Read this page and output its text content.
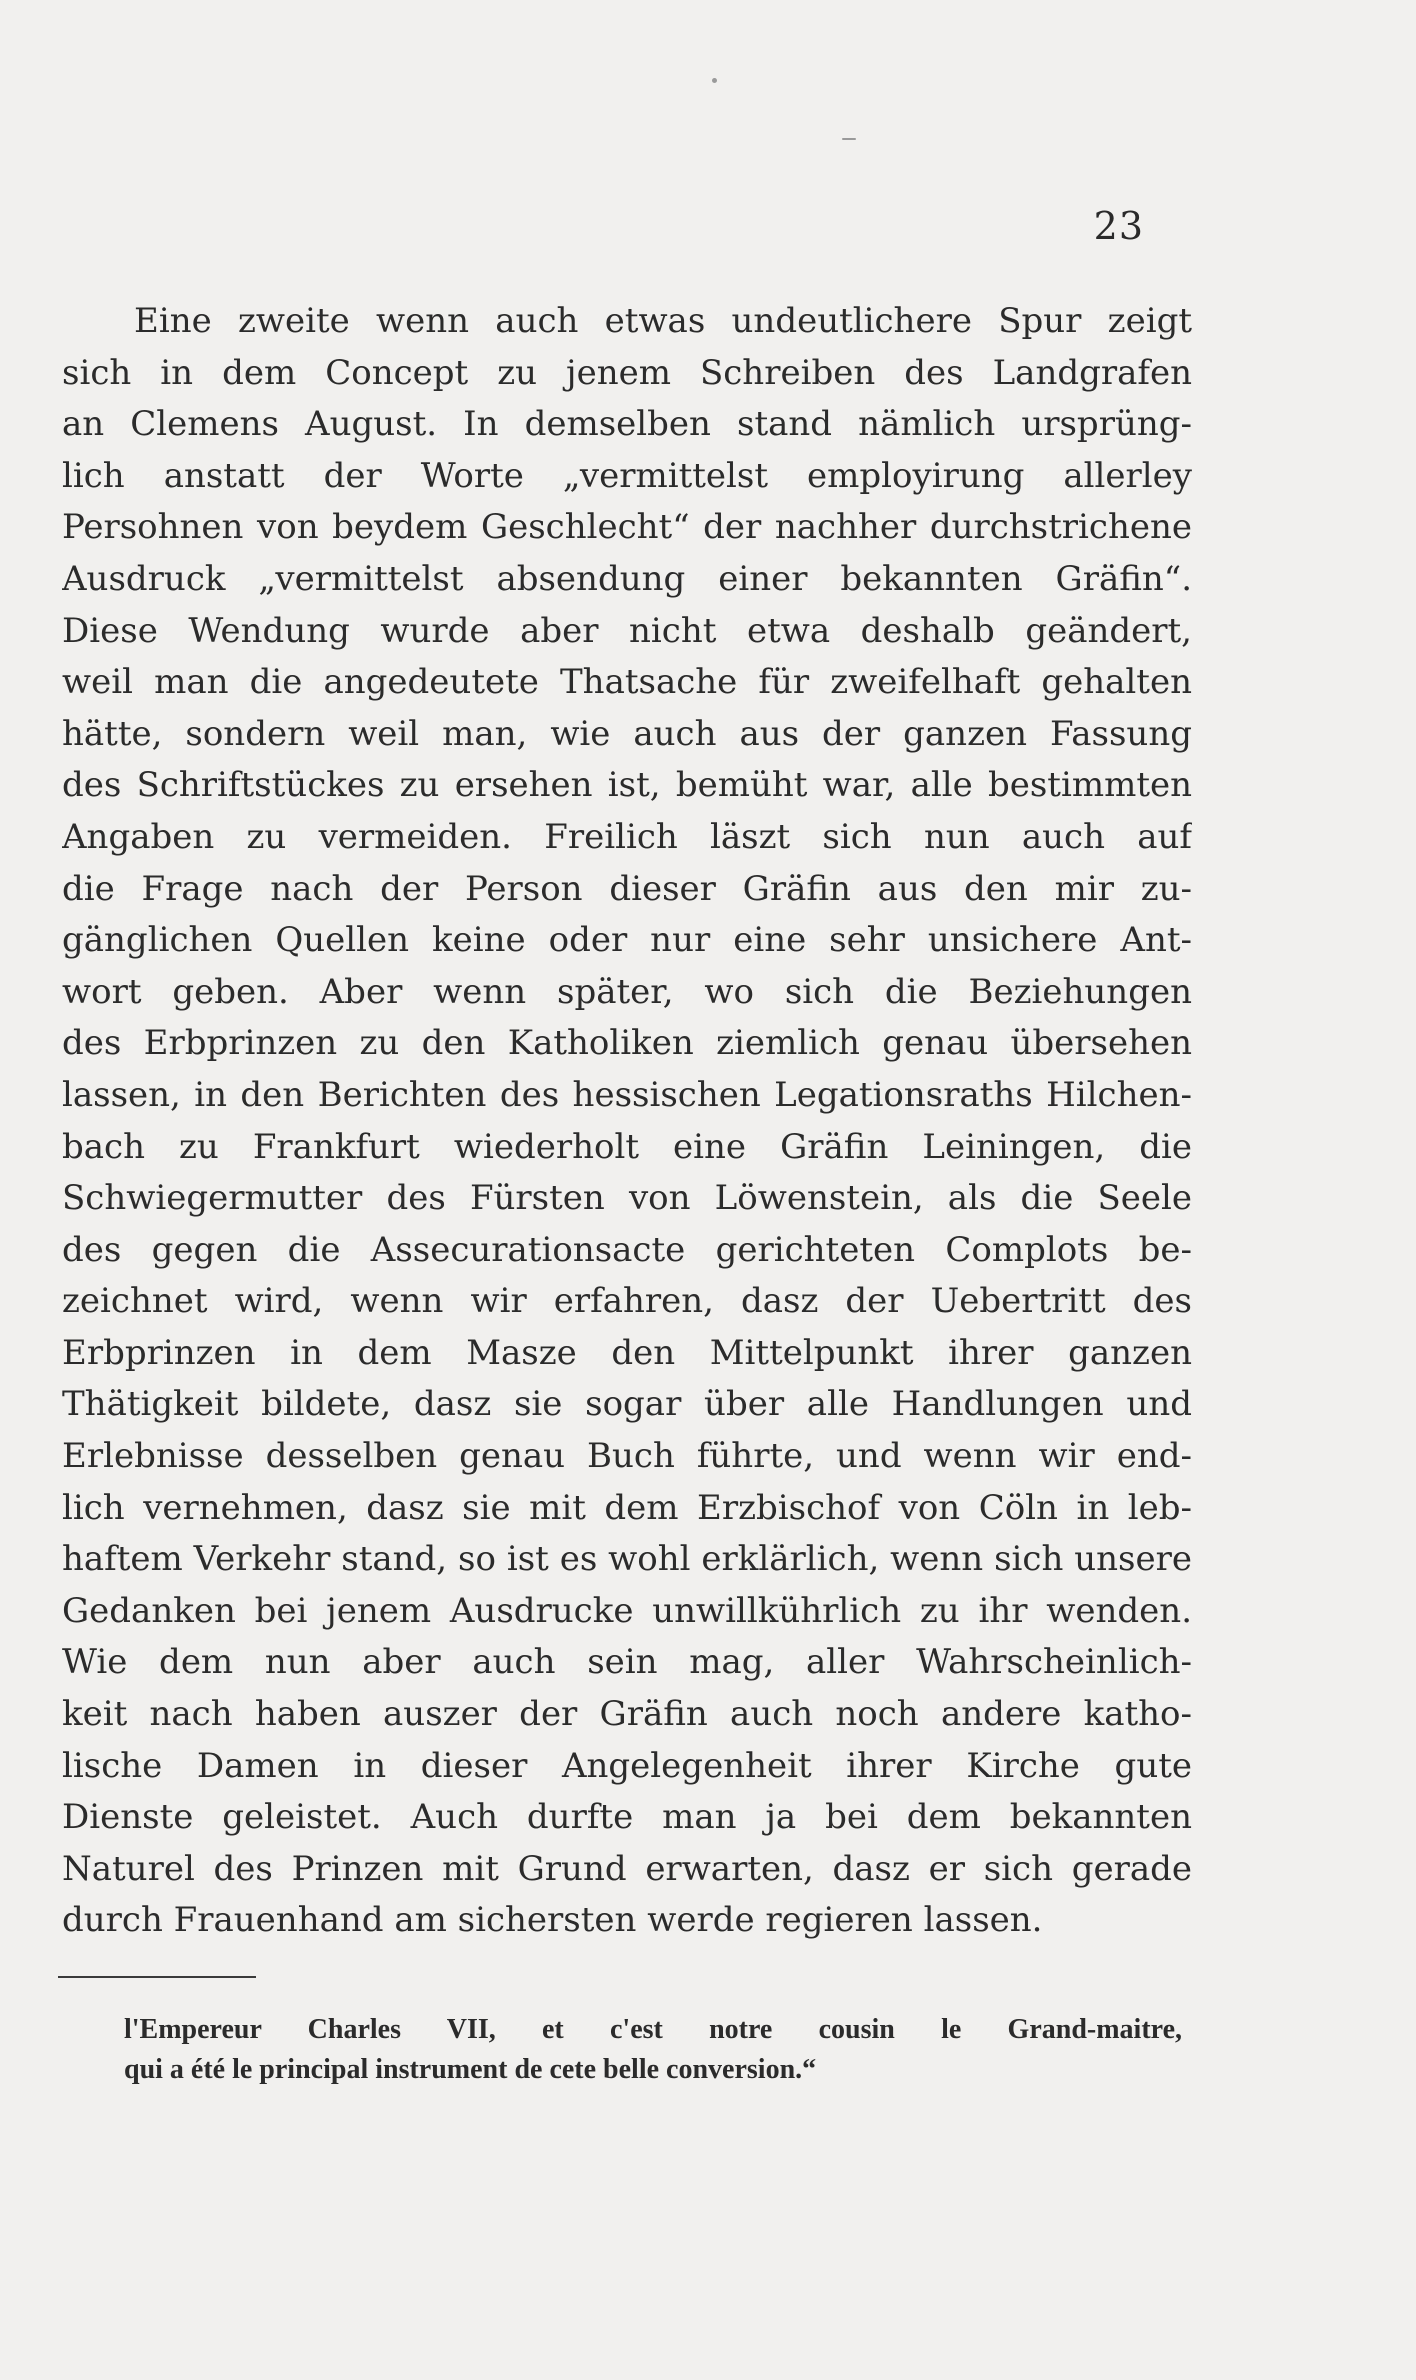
23
Eine zweite wenn auch etwas undeutlichere Spur zeigt
sich in dem Concept zu jenem Schreiben des Landgrafen
an Clemens August. In demselben stand nämlich ursprüng-
lich anstatt der Worte „vermittelst employirung allerley
Persohnen von beydem Geschlecht“ der nachher durchstrichene
Ausdruck „vermittelst absendung einer bekannten Gräfin“.
Diese Wendung wurde aber nicht etwa deshalb geändert,
weil man die angedeutete Thatsache für zweifelhaft gehalten
hätte, sondern weil man, wie auch aus der ganzen Fassung
des Schriftstückes zu ersehen ist, bemüht war, alle bestimmten
Angaben zu vermeiden. Freilich läszt sich nun auch auf
die Frage nach der Person dieser Gräfin aus den mir zu-
gänglichen Quellen keine oder nur eine sehr unsichere Ant-
wort geben. Aber wenn später, wo sich die Beziehungen
des Erbprinzen zu den Katholiken ziemlich genau übersehen
lassen, in den Berichten des hessischen Legationsraths Hilchen-
bach zu Frankfurt wiederholt eine Gräfin Leiningen, die
Schwiegermutter des Fürsten von Löwenstein, als die Seele
des gegen die Assecurationsacte gerichteten Complots be-
zeichnet wird, wenn wir erfahren, dasz der Uebertritt des
Erbprinzen in dem Masze den Mittelpunkt ihrer ganzen
Thätigkeit bildete, dasz sie sogar über alle Handlungen und
Erlebnisse desselben genau Buch führte, und wenn wir end-
lich vernehmen, dasz sie mit dem Erzbischof von Cöln in leb-
haftem Verkehr stand, so ist es wohl erklärlich, wenn sich unsere
Gedanken bei jenem Ausdrucke unwillkührlich zu ihr wenden.
Wie dem nun aber auch sein mag, aller Wahrscheinlich-
keit nach haben auszer der Gräfin auch noch andere katho-
lische Damen in dieser Angelegenheit ihrer Kirche gute
Dienste geleistet. Auch durfte man ja bei dem bekannten
Naturel des Prinzen mit Grund erwarten, dasz er sich gerade
durch Frauenhand am sichersten werde regieren lassen.
l'Empereur Charles VII, et c'est notre cousin le Grand-maitre,
qui a été le principal instrument de cete belle conversion.“
